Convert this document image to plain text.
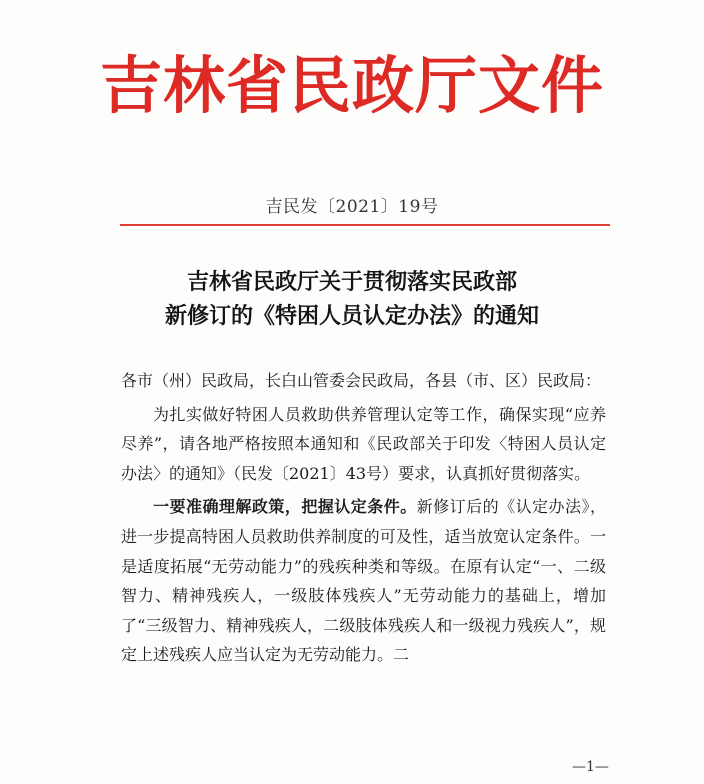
吉林省民政厅文件
吉民发〔2021〕19号
吉林省民政厅关于贯彻落实民政部
新修订的《特困人员认定办法》的通知

各市（州）民政局，长白山管委会民政局，各县（市、区）民政局：

为扎实做好特困人员救助供养管理认定等工作，确保实现“应养尽养”，请各地严格按照本通知和《民政部关于印发〈特困人员认定办法〉的通知》（民发〔2021〕43号）要求，认真抓好贯彻落实。

一要准确理解政策，把握认定条件。新修订后的《认定办法》，进一步提高特困人员救助供养制度的可及性，适当放宽认定条件。一是适度拓展“无劳动能力”的残疾种类和等级。在原有认定“一、二级智力、精神残疾人，一级肢体残疾人”无劳动能力的基础上，增加了“三级智力、精神残疾人，二级肢体残疾人和一级视力残疾人”，规定上述残疾人应当认定为无劳动能力。二

—1—
